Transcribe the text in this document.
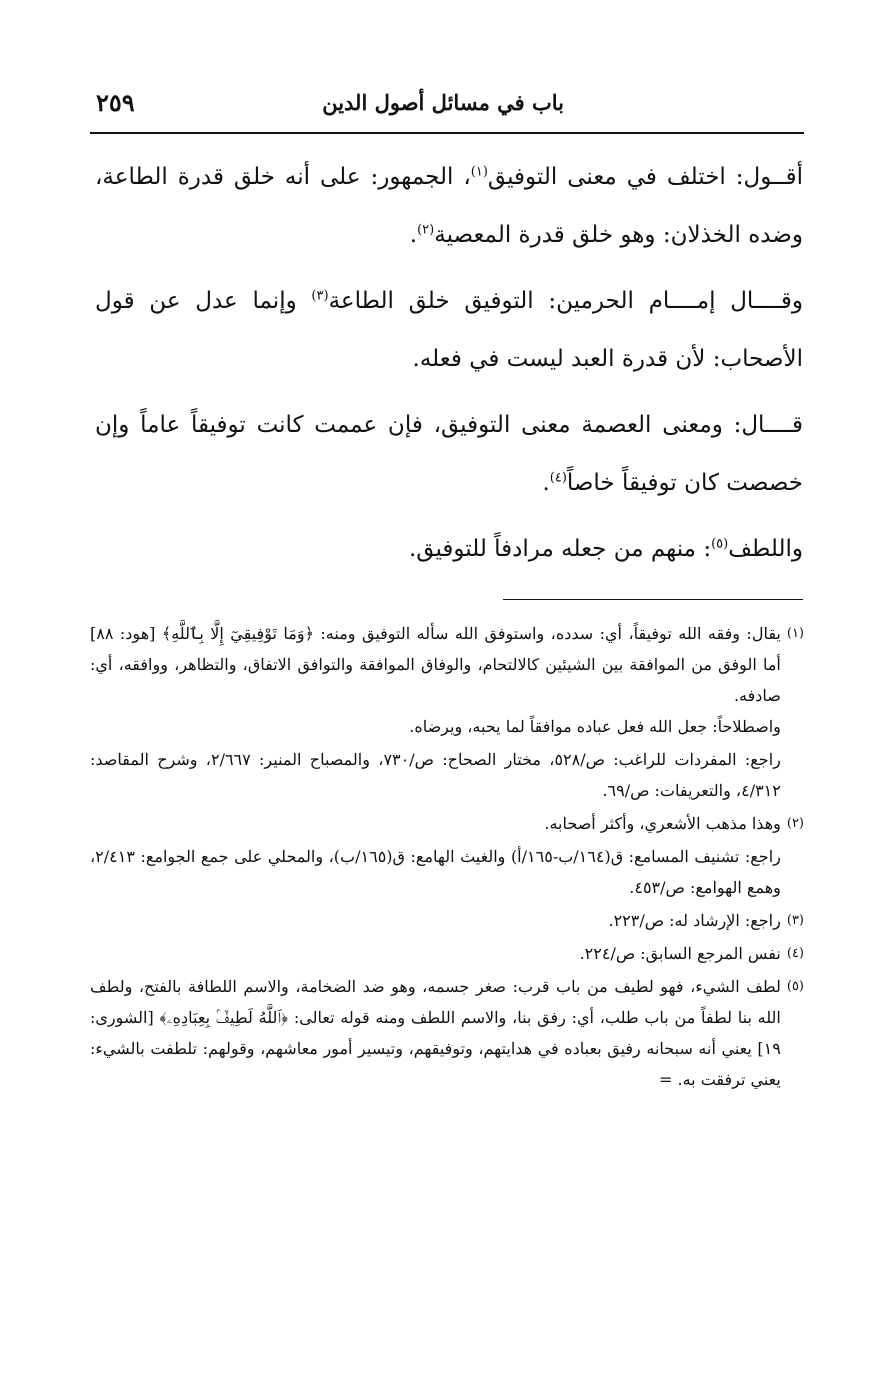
٢٥٩	باب في مسائل أصول الدين

أقــول: اختلف في معنى التوفيق$^{(١)}$، الجمهور: على أنه خلق قدرة الطاعة، وضده الخذلان: وهو خلق قدرة المعصية$^{(٢)}$.

وقــــال إمــــام الحرمين: التوفيق خلق الطاعة$^{(٣)}$ وإنما عدل عن قول الأصحاب: لأن قدرة العبد ليست في فعله.

قــــال: ومعنى العصمة معنى التوفيق، فإن عممت كانت توفيقاً عاماً وإن خصصت كان توفيقاً خاصاً$^{(٤)}$.

واللطف$^{(٥)}$: منهم من جعله مرادفاً للتوفيق.

(١)

يقال: وفقه الله توفيقاً، أي: سدده، واستوفق الله سأله التوفيق ومنه: ﴿وَمَا تَوْفِيقِيٓ إِلَّا بِٱللَّهِ﴾ [هود: ٨٨] أما الوفق من الموافقة بين الشيئين كالالتحام، والوفاق الموافقة والتوافق الاتفاق، والتظاهر، ووافقه، أي: صادفه.

واصطلاحاً: جعل الله فعل عباده موافقاً لما يحبه، ويرضاه.

راجع: المفردات للراغب: ص/٥٢٨، مختار الصحاح: ص/٧٣٠، والمصباح المنير: ٢/٦٦٧، وشرح المقاصد: ٤/٣١٢، والتعريفات: ص/٦٩.

(٢)

وهذا مذهب الأشعري، وأكثر أصحابه.

راجع: تشنيف المسامع: ق(١٦٤/ب-١٦٥/أ) والغيث الهامع: ق(١٦٥/ب)، والمحلي على جمع الجوامع: ٢/٤١٣، وهمع الهوامع: ص/٤٥٣.

(٣)

راجع: الإرشاد له: ص/٢٢٣.

(٤)

نفس المرجع السابق: ص/٢٢٤.

(٥)

لطف الشيء، فهو لطيف من باب قرب: صغر جسمه، وهو ضد الضخامة، والاسم اللطافة بالفتح، ولطف الله بنا لطفاً من باب طلب، أي: رفق بنا، والاسم اللطف ومنه قوله تعالى: ﴿ٱللَّهُ لَطِيفٌۢ بِعِبَادِهِۦ﴾ [الشورى: ١٩] يعني أنه سبحانه رفيق بعباده في هدايتهم، وتوفيقهم، وتيسير أمور معاشهم، وقولهم: تلطفت بالشيء: يعني ترفقت به. =
